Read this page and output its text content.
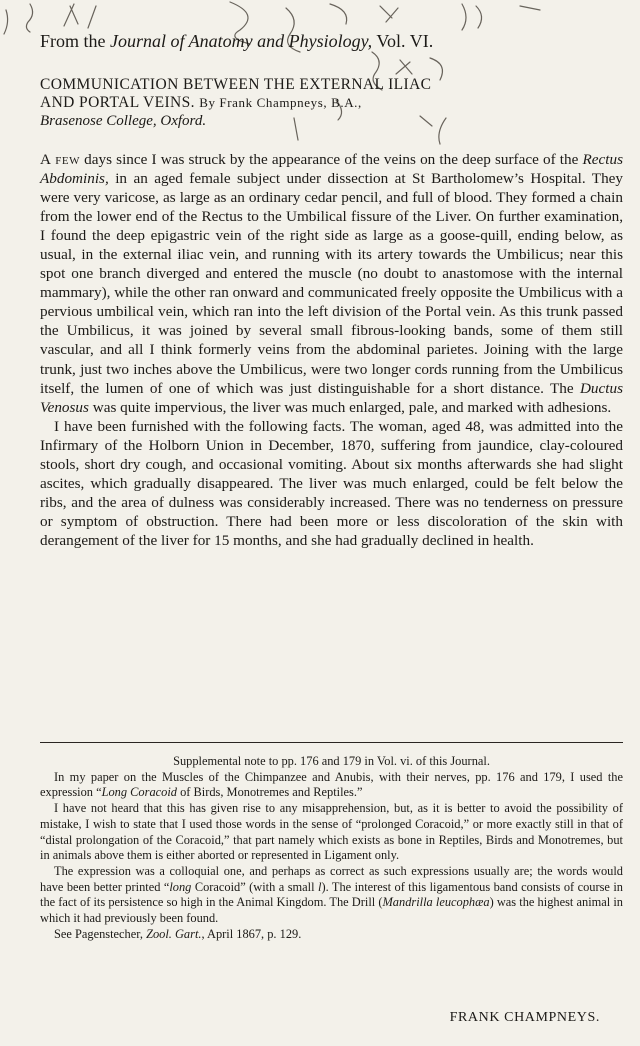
From the Journal of Anatomy and Physiology, Vol. VI.
COMMUNICATION BETWEEN THE EXTERNAL ILIAC
AND PORTAL VEINS. By Frank Champneys, B.A.,
Brasenose College, Oxford.

A few days since I was struck by the appearance of the veins on the deep surface of the Rectus Abdominis, in an aged female subject under dissection at St Bartholomew’s Hospital. They were very varicose, as large as an ordinary cedar pencil, and full of blood. They formed a chain from the lower end of the Rectus to the Umbilical fissure of the Liver. On further examination, I found the deep epigastric vein of the right side as large as a goose-quill, ending below, as usual, in the external iliac vein, and running with its artery towards the Umbilicus; near this spot one branch diverged and entered the muscle (no doubt to anastomose with the internal mammary), while the other ran onward and communicated freely opposite the Umbilicus with a pervious umbilical vein, which ran into the left division of the Portal vein. As this trunk passed the Umbilicus, it was joined by several small fibrous-looking bands, some of them still vascular, and all I think formerly veins from the abdominal parietes. Joining with the large trunk, just two inches above the Umbilicus, were two longer cords running from the Umbilicus itself, the lumen of one of which was just distinguishable for a short distance. The Ductus Venosus was quite impervious, the liver was much enlarged, pale, and marked with adhesions.

I have been furnished with the following facts. The woman, aged 48, was admitted into the Infirmary of the Holborn Union in December, 1870, suffering from jaundice, clay-coloured stools, short dry cough, and occasional vomiting. About six months afterwards she had slight ascites, which gradually disappeared. The liver was much enlarged, could be felt below the ribs, and the area of dulness was considerably increased. There was no tenderness on pressure or symptom of obstruction. There had been more or less discoloration of the skin with derangement of the liver for 15 months, and she had gradually declined in health.

Supplemental note to pp. 176 and 179 in Vol. vi. of this Journal.

In my paper on the Muscles of the Chimpanzee and Anubis, with their nerves, pp. 176 and 179, I used the expression “Long Coracoid of Birds, Monotremes and Reptiles.”

I have not heard that this has given rise to any misapprehension, but, as it is better to avoid the possibility of mistake, I wish to state that I used those words in the sense of “prolonged Coracoid,” or more exactly still in that of “distal prolongation of the Coracoid,” that part namely which exists as bone in Reptiles, Birds and Monotremes, but in animals above them is either aborted or represented in Ligament only.

The expression was a colloquial one, and perhaps as correct as such expressions usually are; the words would have been better printed “long Coracoid” (with a small l). The interest of this ligamentous band consists of course in the fact of its persistence so high in the Animal Kingdom. The Drill (Mandrilla leucophæa) was the highest animal in which it had previously been found.

See Pagenstecher, Zool. Gart., April 1867, p. 129.

FRANK CHAMPNEYS.
